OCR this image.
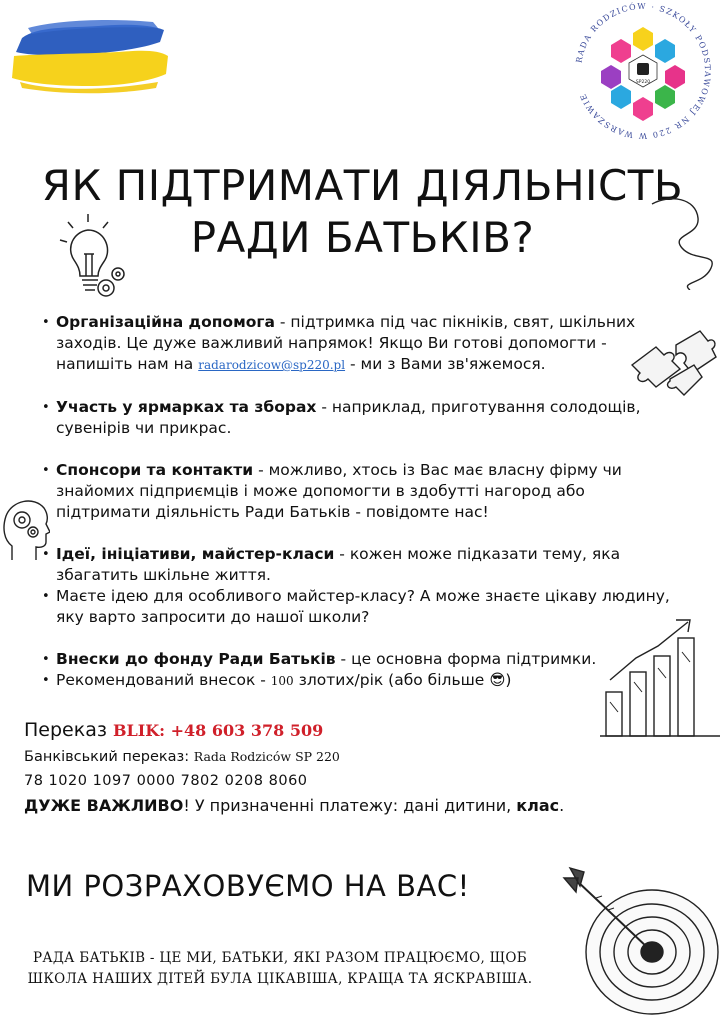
RADA RODZICÓW · SZKOŁY PODSTAWOWEJ NR 220 W WARSZAWIE
SP220
ЯК ПІДТРИМАТИ ДІЯЛЬНІСТЬ
РАДИ БАТЬКІВ?

• Організаційна допомога - підтримка під час пікніків, свят, шкільних заходів. Це дуже важливий напрямок! Якщо Ви готові допомогти - напишіть нам на radarodzicow@sp220.pl - ми з Вами зв'яжемося.

• Участь у ярмарках та зборах - наприклад, приготування солодощів, сувенірів чи прикрас.

• Спонсори та контакти - можливо, хтось із Вас має власну фірму чи знайомих підприємців і може допомогти в здобутті нагород або підтримати діяльність Ради Батьків - повідомте нас!

• Ідеї, ініціативи, майстер-класи - кожен може підказати тему, яка збагатить шкільне життя.

• Маєте ідею для особливого майстер-класу? А може знаєте цікаву людину, яку варто запросити до нашої школи?

• Внески до фонду Ради Батьків - це основна форма підтримки.

• Рекомендований внесок - 100 злотих/рік (або більше 😎)

Переказ BLIK: +48 603 378 509
Банківський переказ: Rada Rodziców SP 220
78 1020 1097 0000 7802 0208 8060
ДУЖЕ ВАЖЛИВО! У призначенні платежу: дані дитини, клас.
МИ РОЗРАХОВУЄМО НА ВАС!
РАДА БАТЬКІВ - ЦЕ МИ, БАТЬКИ, ЯКІ РАЗОМ ПРАЦЮЄМО, ЩОБ
ШКОЛА НАШИХ ДІТЕЙ БУЛА ЦІКАВІША, КРАЩА ТА ЯСКРАВІША.
